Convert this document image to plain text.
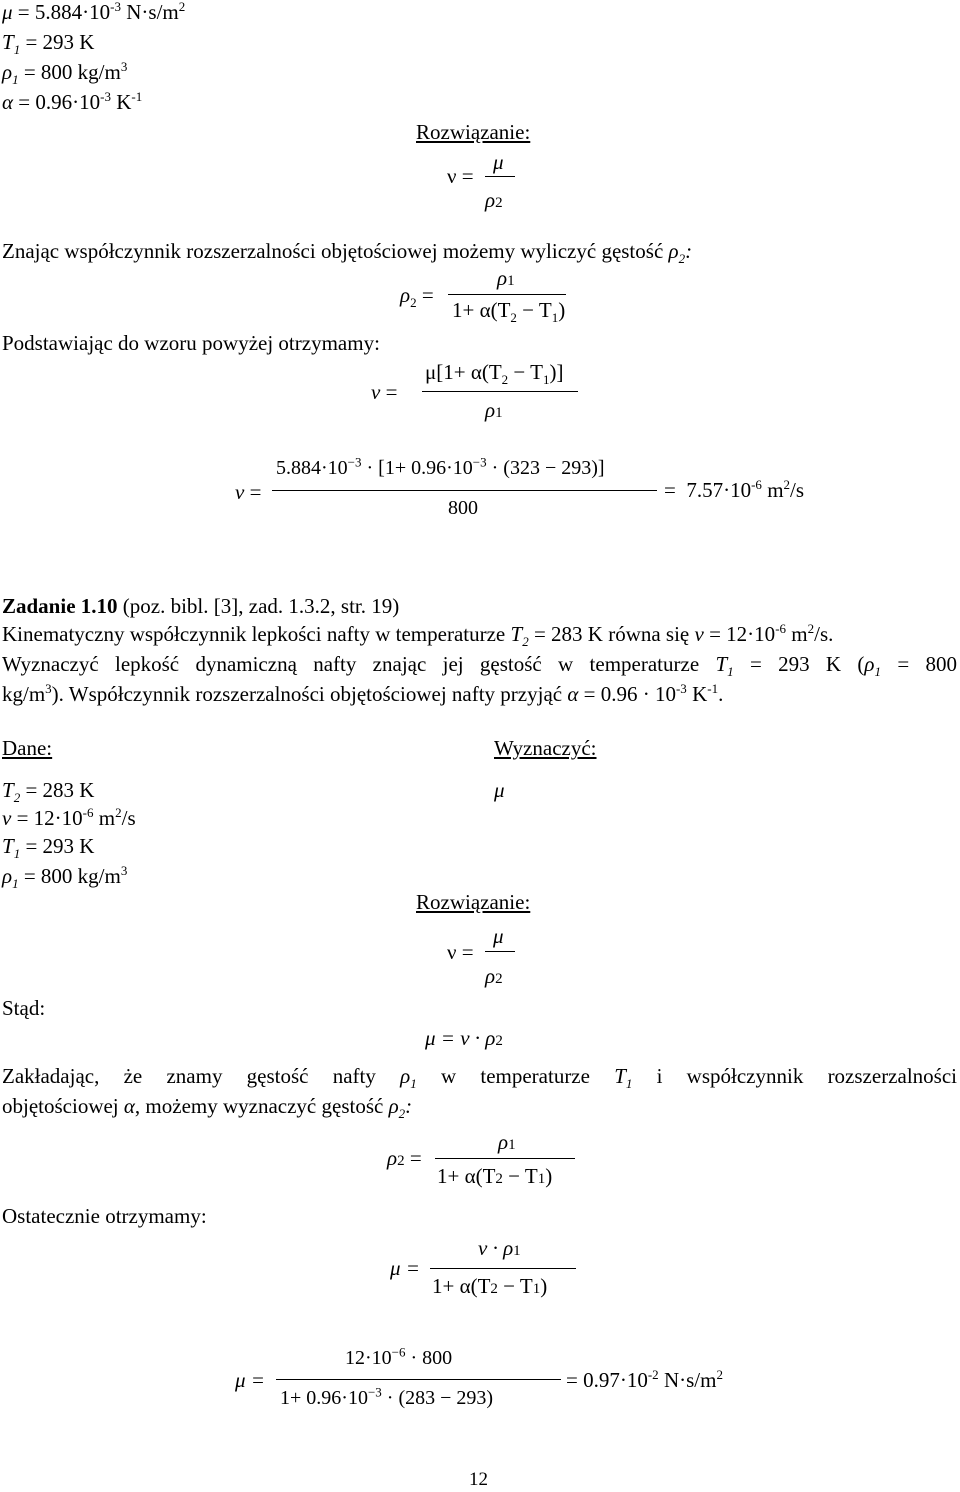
$\mu = 5.884\cdot 10^{-3}$ $N\cdot s/m^2$
$T_1 = 293$ K
$\rho_1 = 800$ $kg/m^3$
$\alpha = 0.96\cdot 10^{-3}$ $K^{-1}$
Rozwiązanie:
ν =
μ
ρ2
Znając współczynnik rozszerzalności objętościowej możemy wyliczyć gęstość $\rho_2$:
$\rho_2$ =
ρ1
$1+ \alpha(T_2 - T_1)$
Podstawiając do wzoru powyżej otrzymamy:
ν =
$\mu[1+ \alpha(T_2 - T_1)]$
ρ1
ν =
$5.884\cdot 10^{-3} \cdot [1+ 0.96\cdot 10^{-3} \cdot (323 - 293)]$
800
=  $7.57\cdot 10^{-6}$ $m^2/s$
Zadanie 1.10 (poz. bibl. [3], zad. 1.3.2, str. 19)
Kinematyczny współczynnik lepkości nafty w temperaturze $T_2 = 283$ K równa się $\nu = 12\cdot 10^{-6}$ $m^2/s$.
Wyznaczyć lepkość dynamiczną nafty znając jej gęstość w temperaturze $T_1 = 293$ K ($\rho_1 = 800$
$kg/m^3$). Współczynnik rozszerzalności objętościowej nafty przyjąć $\alpha = 0.96 \cdot 10^{-3}$ $K^{-1}$.
Dane:	Wyznaczyć:
μ
$T_2 = 283$ K
$\nu = 12\cdot 10^{-6}$ $m^2/s$
$T_1 = 293$ K
$\rho_1 = 800$ $kg/m^3$
Rozwiązanie:
ν =
μ
ρ2
Stąd:
μ = ν · ρ2
Zakładając, że znamy gęstość nafty $\rho_1$ w temperaturze $T_1$ i współczynnik rozszerzalności
objętościowej α, możemy wyznaczyć gęstość $\rho_2$:
ρ2 =
ρ1
1+ α(T2 − T1)
Ostatecznie otrzymamy:
μ =
ν · ρ1
1+ α(T2 − T1)
μ =
$12\cdot 10^{-6} \cdot 800$
$1+ 0.96\cdot 10^{-3} \cdot (283 - 293)$
= $0.97\cdot 10^{-2}$ $N\cdot s/m^2$
12
